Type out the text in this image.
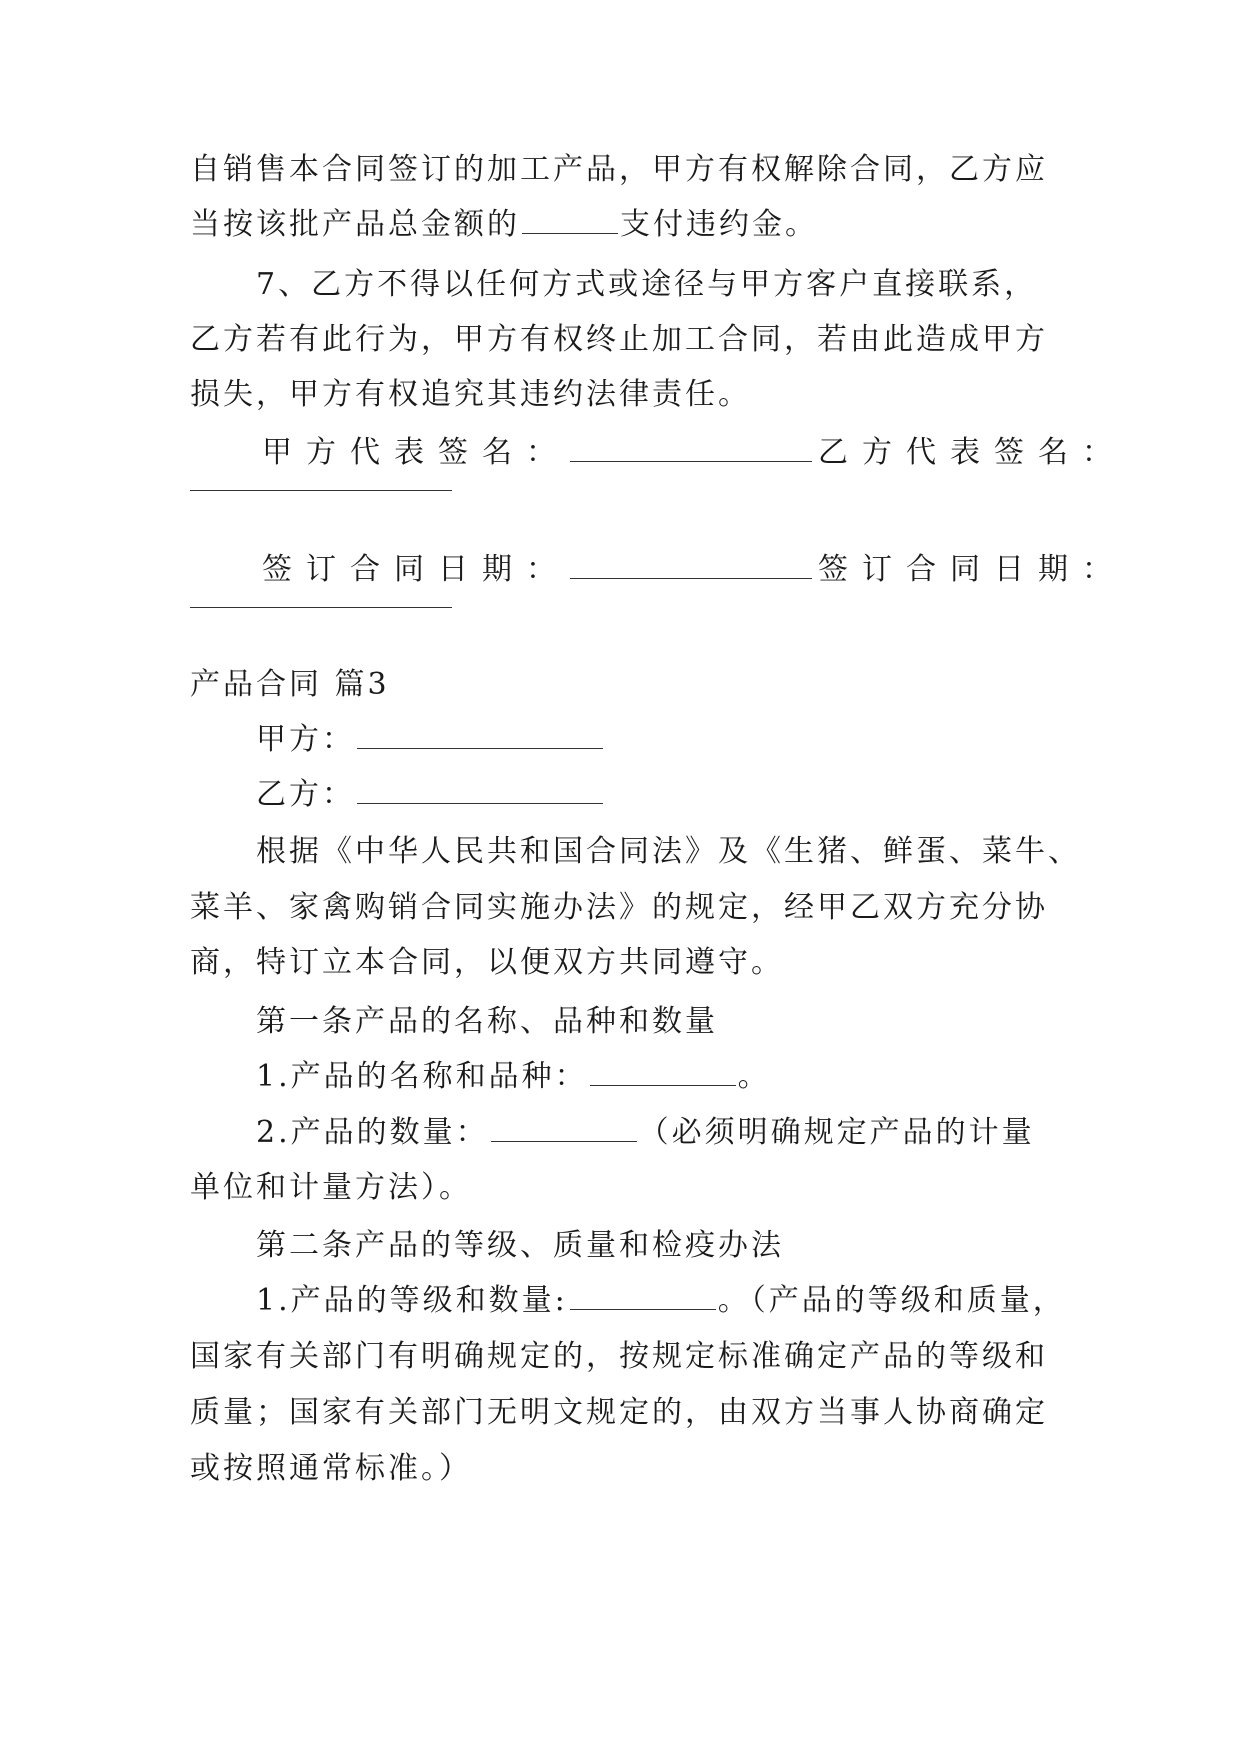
自销售本合同签订的加工产品，甲方有权解除合同，乙方应
当按该批产品总金额的	支付违约金。
7、乙方不得以任何方式或途径与甲方客户直接联系，
乙方若有此行为，甲方有权终止加工合同，若由此造成甲方
损失，甲方有权追究其违约法律责任。
甲方代表签名：	乙方代表签名：
签订合同日期：	签订合同日期：
产品合同 篇3
甲方：
乙方：
根据《中华人民共和国合同法》及《生猪、鲜蛋、菜牛、
菜羊、家禽购销合同实施办法》的规定，经甲乙双方充分协
商，特订立本合同，以便双方共同遵守。
第一条产品的名称、品种和数量
1.产品的名称和品种：	。
2.产品的数量：	（必须明确规定产品的计量
单位和计量方法）。
第二条产品的等级、质量和检疫办法
1.产品的等级和数量:	。（产品的等级和质量，
国家有关部门有明确规定的，按规定标准确定产品的等级和
质量；国家有关部门无明文规定的，由双方当事人协商确定
或按照通常标准。）
